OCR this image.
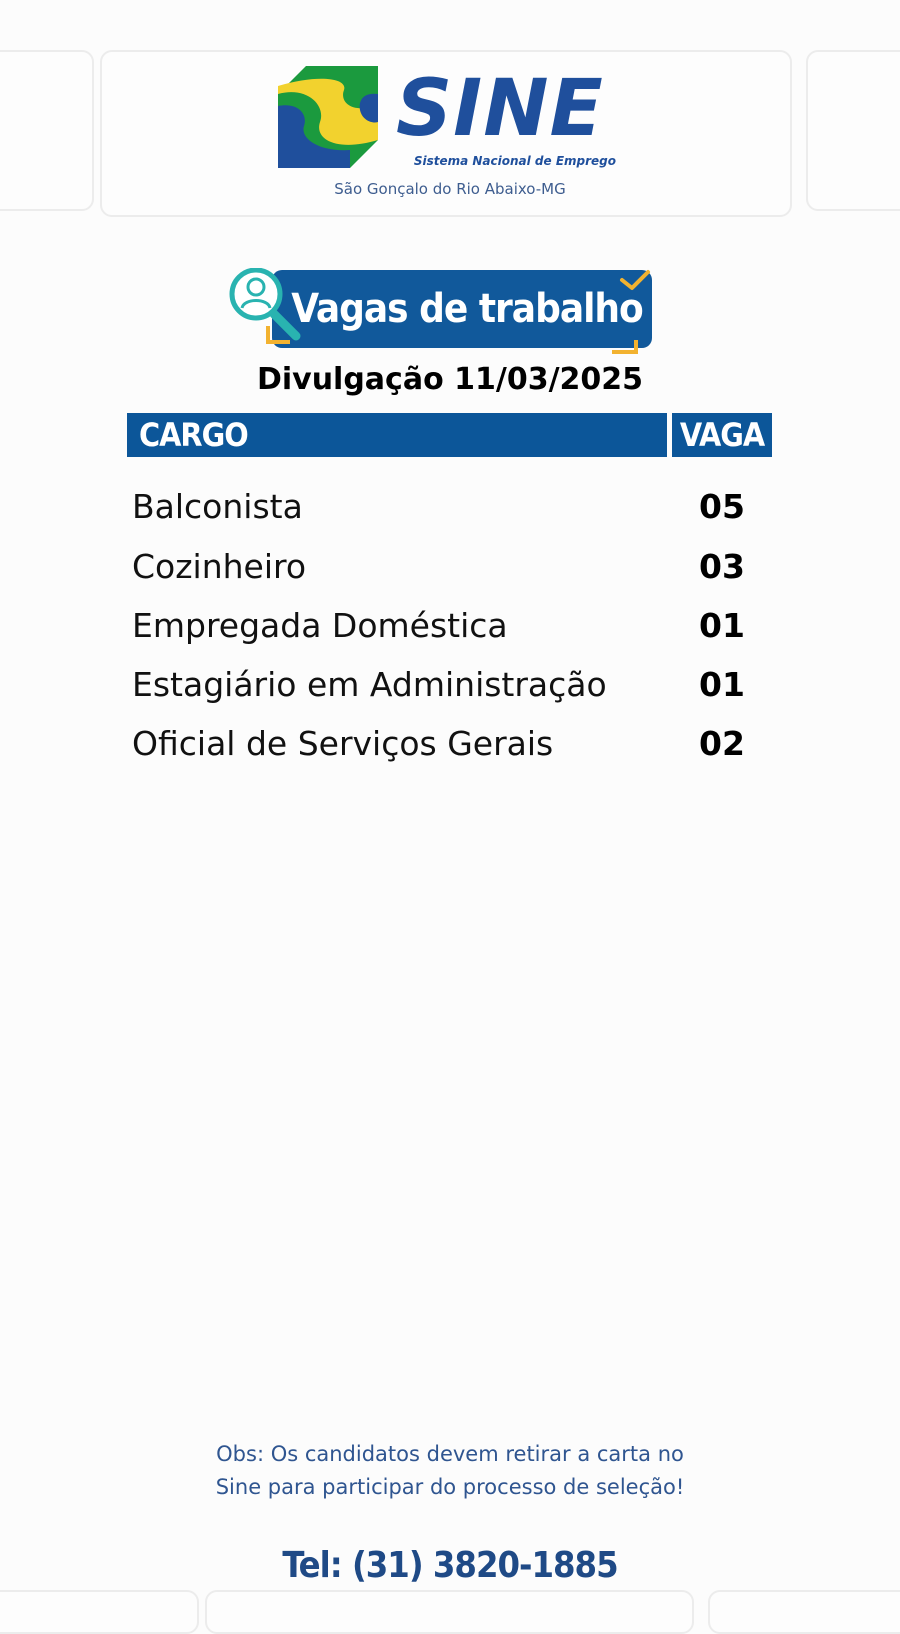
SINE
Sistema Nacional de Emprego
São Gonçalo do Rio Abaixo-MG
Vagas de trabalho
Divulgação 11/03/2025
CARGO	VAGA
Balconista	05
Cozinheiro	03
Empregada Doméstica	01
Estagiário em Administração	01
Oficial de Serviços Gerais	02
Obs: Os candidatos devem retirar a carta no
Sine para participar do processo de seleção!
Tel: (31) 3820-1885
